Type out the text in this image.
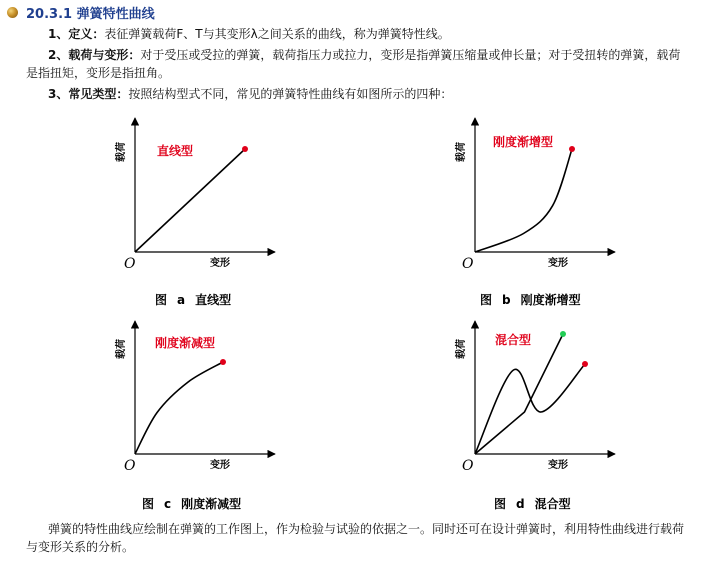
20.3.1 弹簧特性曲线
1、定义：表征弹簧载荷F、T与其变形λ之间关系的曲线，称为弹簧特性线。
2、载荷与变形：对于受压或受拉的弹簧，载荷指压力或拉力，变形是指弹簧压缩量或伸长量；对于受扭转的弹簧，载荷是指扭矩，变形是指扭角。
3、常见类型：按照结构型式不同，常见的弹簧特性曲线有如图所示的四种：
载荷
变形
O
直线型
图 a 直线型
载荷
变形
O
刚度渐增型
图 b 刚度渐增型
载荷
变形
O
刚度渐减型
图 c 刚度渐减型
载荷
变形
O
混合型
图 d 混合型
弹簧的特性曲线应绘制在弹簧的工作图上，作为检验与试验的依据之一。同时还可在设计弹簧时，利用特性曲线进行载荷与变形关系的分析。
